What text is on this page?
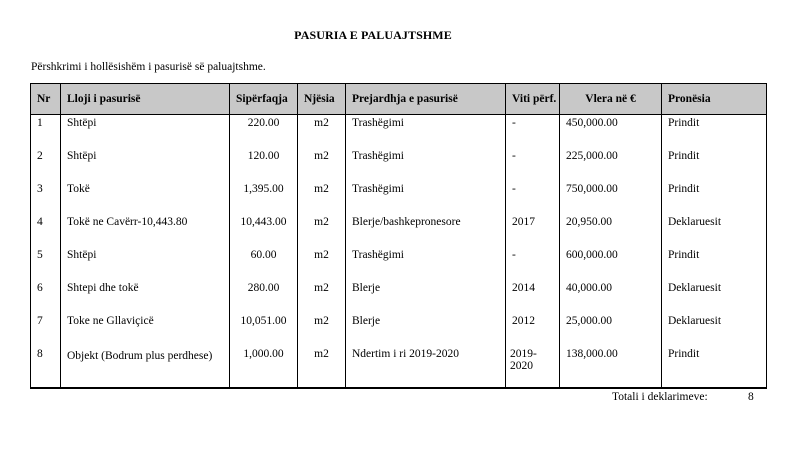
PASURIA E PALUAJTSHME
Përshkrimi i hollësishëm i pasurisë së paluajtshme.
Nr	Lloji i pasurisë	Sipërfaqja	Njësia	Prejardhja e pasurisë	Viti përf.	Vlera në €	Pronësia
1	Shtëpi	220.00	m2	Trashëgimi	-	450,000.00	Prindit
2	Shtëpi	120.00	m2	Trashëgimi	-	225,000.00	Prindit
3	Tokë	1,395.00	m2	Trashëgimi	-	750,000.00	Prindit
4	Tokë ne Cavërr-10,443.80	10,443.00	m2	Blerje/bashkepronesore	2017	20,950.00	Deklaruesit
5	Shtëpi	60.00	m2	Trashëgimi	-	600,000.00	Prindit
6	Shtepi dhe tokë	280.00	m2	Blerje	2014	40,000.00	Deklaruesit
7	Toke ne Gllaviçicë	10,051.00	m2	Blerje	2012	25,000.00	Deklaruesit
8	Objekt (Bodrum plus perdhese)	1,000.00	m2	Ndertim i ri 2019-2020	2019-2020	138,000.00	Prindit
Totali i deklarimeve:	8
